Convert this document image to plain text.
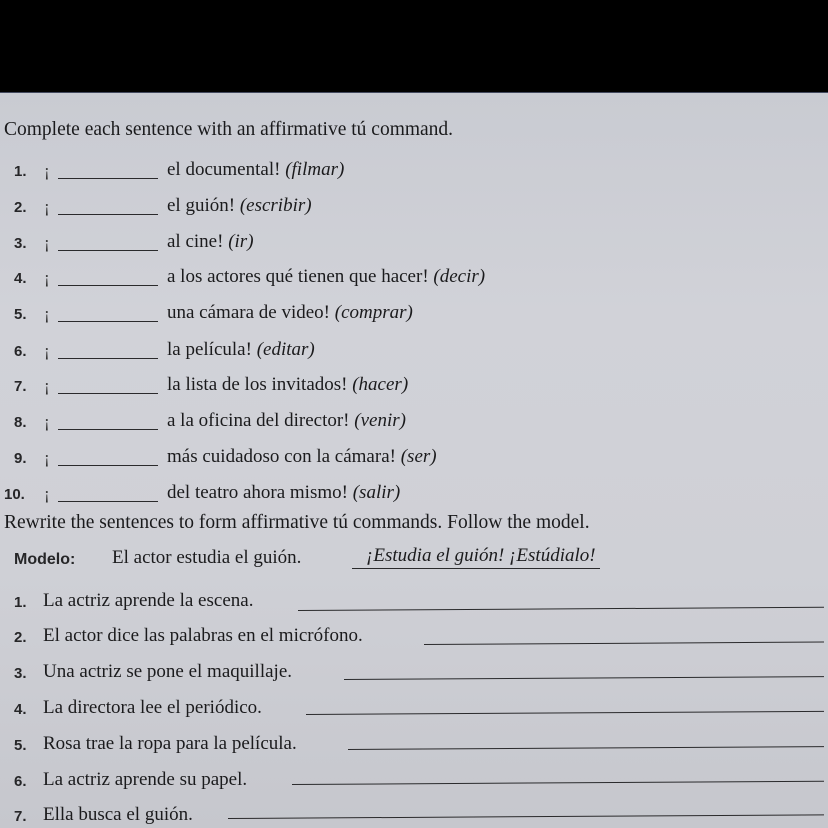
Complete each sentence with an affirmative tú command.
1. ¡	el documental! (filmar)
2. ¡	el guión! (escribir)
3. ¡	al cine! (ir)
4. ¡	a los actores qué tienen que hacer! (decir)
5. ¡	una cámara de video! (comprar)
6. ¡	la película! (editar)
7. ¡	la lista de los invitados! (hacer)
8. ¡	a la oficina del director! (venir)
9. ¡	más cuidadoso con la cámara! (ser)
10. ¡	del teatro ahora mismo! (salir)
Rewrite the sentences to form affirmative tú commands. Follow the model.
Modelo: El actor estudia el guión.	¡Estudia el guión! ¡Estúdialo!
1. La actriz aprende la escena.
2. El actor dice las palabras en el micrófono.
3. Una actriz se pone el maquillaje.
4. La directora lee el periódico.
5. Rosa trae la ropa para la película.
6. La actriz aprende su papel.
7. Ella busca el guión.
